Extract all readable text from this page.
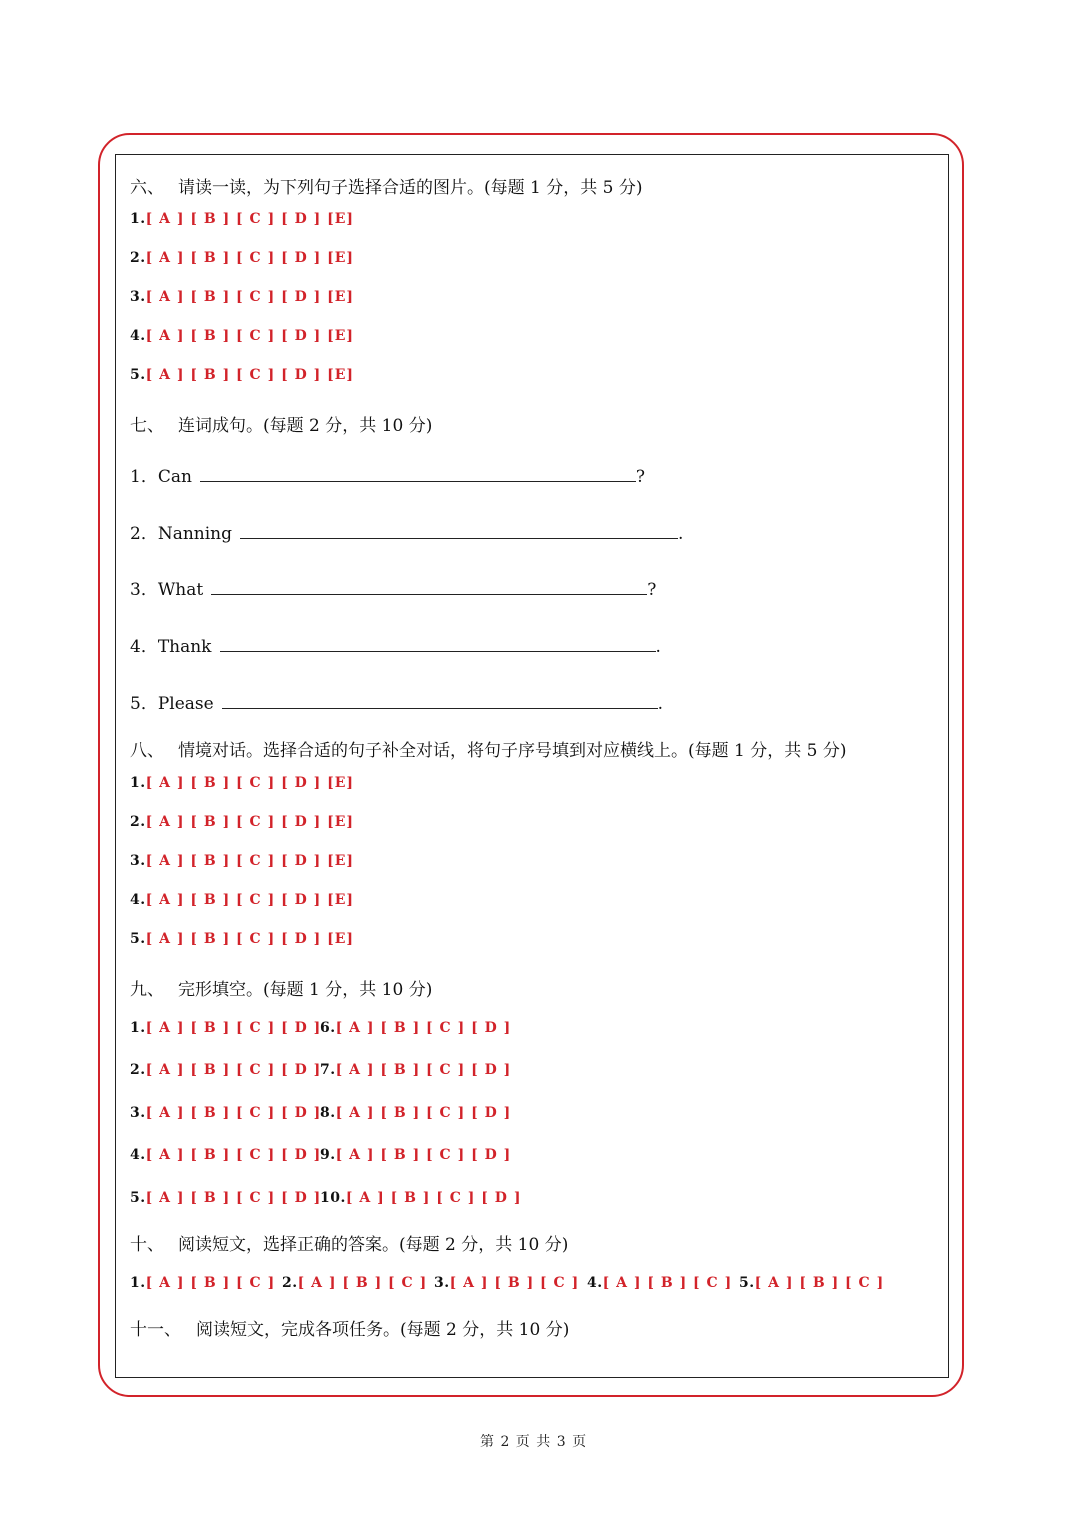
六、 请读一读，为下列句子选择合适的图片。(每题 1 分，共 5 分)
1.[ A ] [ B ] [ C ] [ D ] [E]
2.[ A ] [ B ] [ C ] [ D ] [E]
3.[ A ] [ B ] [ C ] [ D ] [E]
4.[ A ] [ B ] [ C ] [ D ] [E]
5.[ A ] [ B ] [ C ] [ D ] [E]
七、 连词成句。(每题 2 分，共 10 分)
1．Can	?
2．Nanning	.
3．What	?
4．Thank	.
5．Please	.
八、 情境对话。选择合适的句子补全对话，将句子序号填到对应横线上。(每题 1 分，共 5 分)
1.[ A ] [ B ] [ C ] [ D ] [E]
2.[ A ] [ B ] [ C ] [ D ] [E]
3.[ A ] [ B ] [ C ] [ D ] [E]
4.[ A ] [ B ] [ C ] [ D ] [E]
5.[ A ] [ B ] [ C ] [ D ] [E]
九、 完形填空。(每题 1 分，共 10 分)
1.[ A ] [ B ] [ C ] [ D ]
2.[ A ] [ B ] [ C ] [ D ]
3.[ A ] [ B ] [ C ] [ D ]
4.[ A ] [ B ] [ C ] [ D ]
5.[ A ] [ B ] [ C ] [ D ]
6.[ A ] [ B ] [ C ] [ D ]
7.[ A ] [ B ] [ C ] [ D ]
8.[ A ] [ B ] [ C ] [ D ]
9.[ A ] [ B ] [ C ] [ D ]
10.[ A ] [ B ] [ C ] [ D ]
十、 阅读短文，选择正确的答案。(每题 2 分，共 10 分)
1.[ A ] [ B ] [ C ] 2.[ A ] [ B ] [ C ] 3.[ A ] [ B ] [ C ] 4.[ A ] [ B ] [ C ] 5.[ A ] [ B ] [ C ]
十一、 阅读短文，完成各项任务。(每题 2 分，共 10 分)
第 2 页 共 3 页
